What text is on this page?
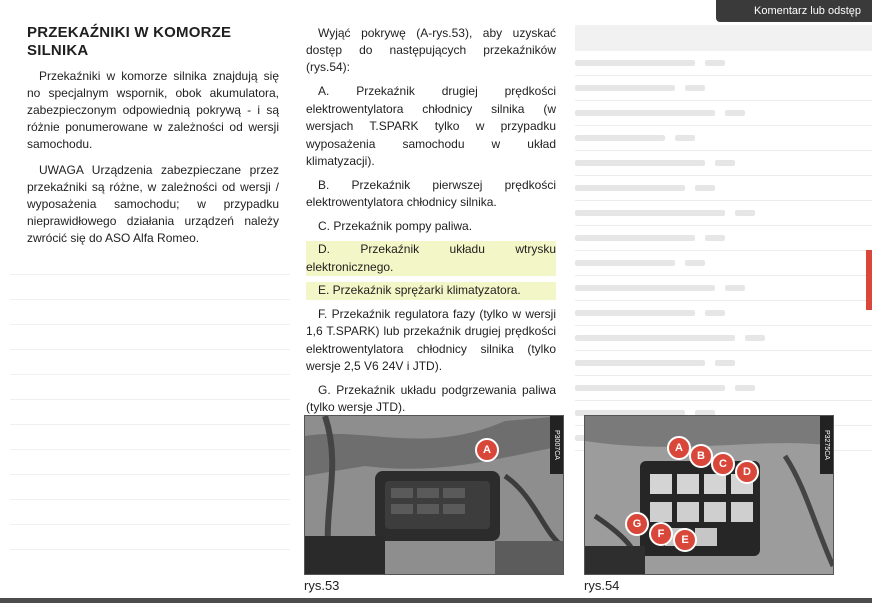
Komentarz lub odstęp
PRZEKAŹNIKI W KOMORZE SILNIKA

Przekaźniki w komorze silnika znajdują się no specjalnym wspornik, obok akumulatora, zabezpieczonym odpowiednią pokrywą - i są różnie ponumerowane w zależności od wersji samochodu.

UWAGA Urządzenia zabezpieczane przez przekaźniki są różne, w zależności od wersji / wyposażenia samochodu; w przypadku nieprawidłowego działania urządzeń należy zwrócić się do ASO Alfa Romeo.

Wyjąć pokrywę (A-rys.53), aby uzyskać dostęp do następujących przekaźników (rys.54):

A. Przekaźnik drugiej prędkości elektrowentylatora chłodnicy silnika (w wersjach T.SPARK tylko w przypadku wyposażenia samochodu w układ klimatyzacji).

B. Przekaźnik pierwszej prędkości elektrowentylatora chłodnicy silnika.

C. Przekaźnik pompy paliwa.

D. Przekaźnik układu wtrysku elektronicznego.

E. Przekaźnik sprężarki klimatyzatora.

F. Przekaźnik regulatora fazy (tylko w wersji 1,6 T.SPARK) lub przekaźnik drugiej prędkości elektrowentylatora chłodnicy silnika (tylko wersje 2,5 V6 24V i JTD).

G. Przekaźnik układu podgrzewania paliwa (tylko wersje JTD).

P3007CA
A
rys.53
P3275CA
A
B
C
D
E
F
G
rys.54
